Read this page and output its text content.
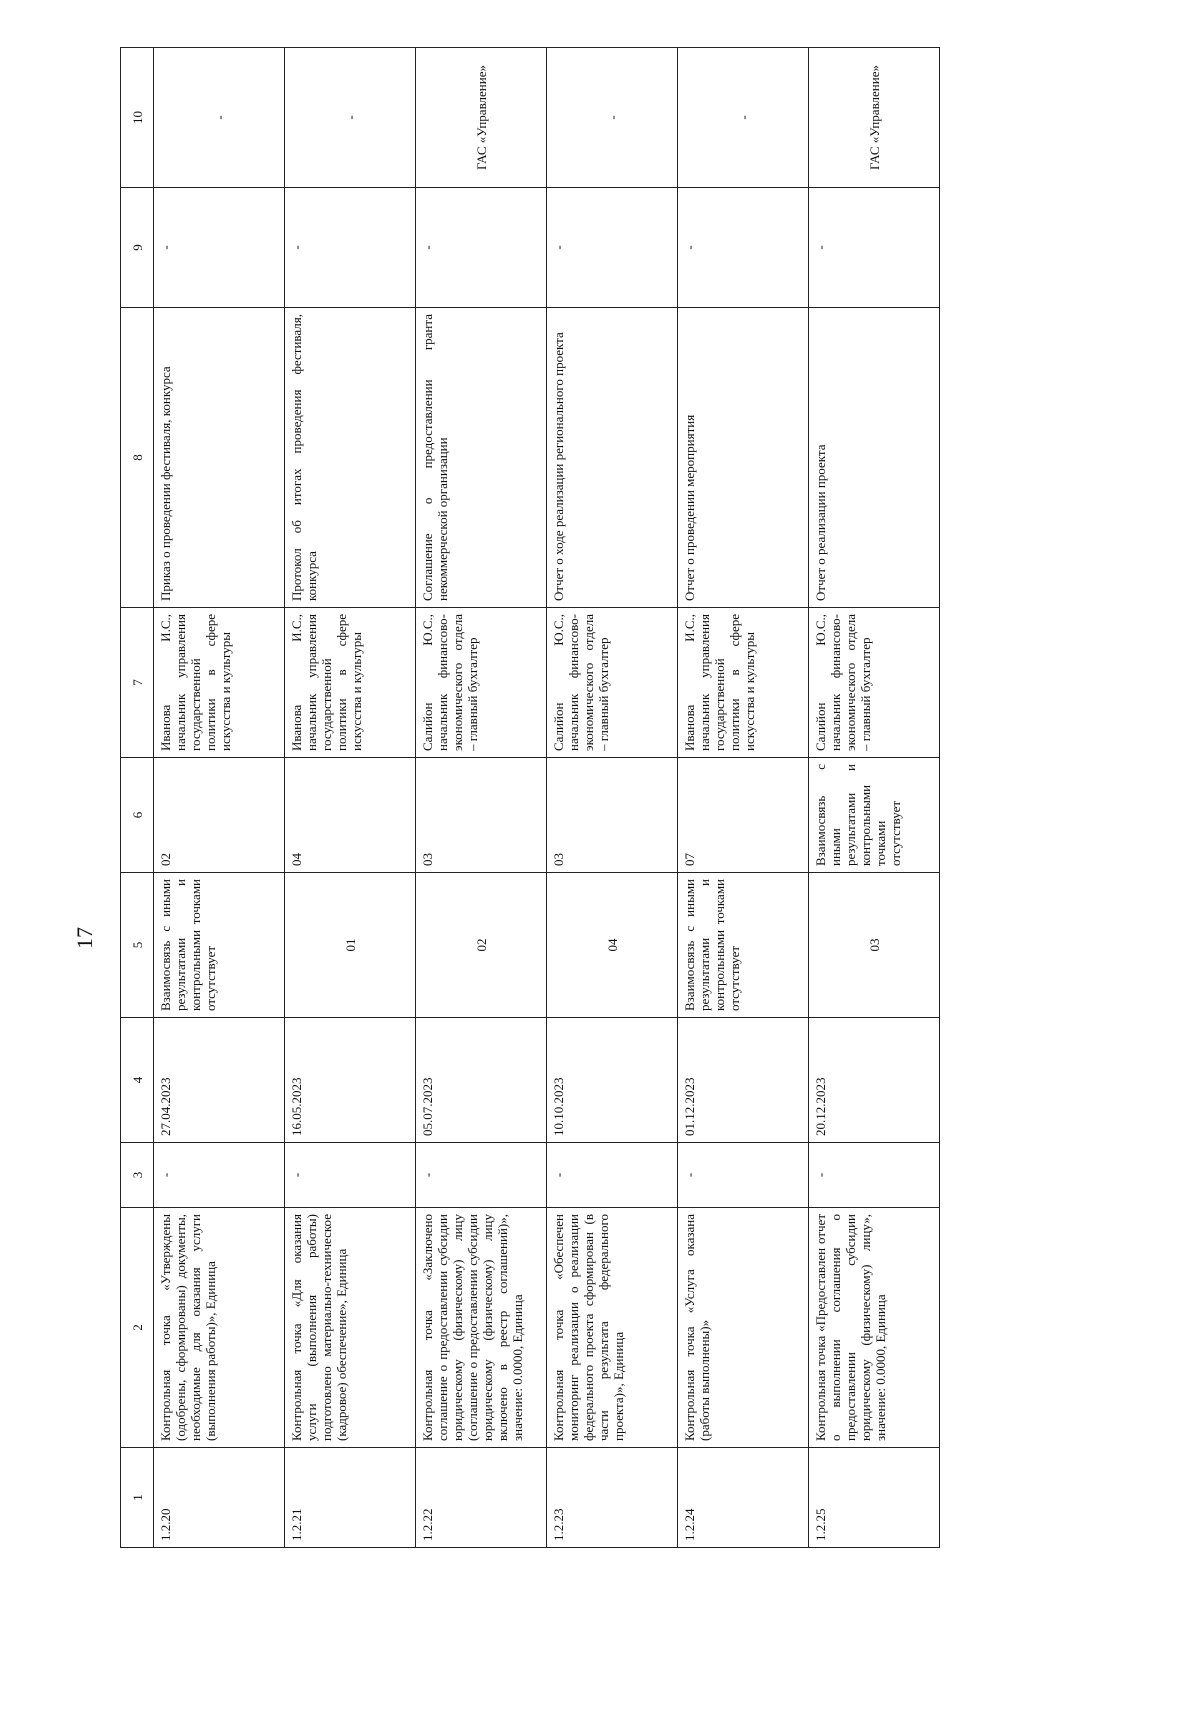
17
1	2	3	4	5	6	7	8	9	10
1.2.20	Контрольная точка «Утверждены (одобрены, сформированы) документы, необходимые для оказания услуги (выполнения работы)», Единица	-	27.04.2023	Взаимосвязь с иными результатами и контрольными точками отсутствует	02	Иванова И.С., начальник управления государственной политики в сфере искусства и культуры	Приказ о проведении фестиваля, конкурса	-	-
1.2.21	Контрольная точка «Для оказания услуги (выполнения работы) подготовлено материально-техническое (кадровое) обеспечение», Единица	-	16.05.2023	01	04	Иванова И.С., начальник управления государственной политики в сфере искусства и культуры	Протокол об итогах проведения фестиваля, конкурса	-	-
1.2.22	Контрольная точка «Заключено соглашение о предоставлении субсидии юридическому (физическому) лицу (соглашение о предоставлении субсидии юридическому (физическому) лицу включено в реестр соглашений)», значение: 0.0000, Единица	-	05.07.2023	02	03	Салийон Ю.С., начальник финансово-экономического отдела – главный бухгалтер	Соглашение о предоставлении гранта некоммерческой организации	-	ГАС «Управление»
1.2.23	Контрольная точка «Обеспечен мониторинг реализации о реализации федерального проекта сформирован (в части результата федерального проекта)», Единица	-	10.10.2023	04	03	Салийон Ю.С., начальник финансово-экономического отдела – главный бухгалтер	Отчет о ходе реализации регионального проекта	-	-
1.2.24	Контрольная точка «Услуга оказана (работы выполнены)»	-	01.12.2023	Взаимосвязь с иными результатами и контрольными точками отсутствует	07	Иванова И.С., начальник управления государственной политики в сфере искусства и культуры	Отчет о проведении мероприятия	-	-
1.2.25	Контрольная точка «Предоставлен отчет о выполнении соглашения о предоставлении субсидии юридическому (физическому) лицу», значение: 0.0000, Единица	-	20.12.2023	03	Взаимосвязь с иными результатами и контрольными точками отсутствует	Салийон Ю.С., начальник финансово-экономического отдела – главный бухгалтер	Отчет о реализации проекта	-	ГАС «Управление»
